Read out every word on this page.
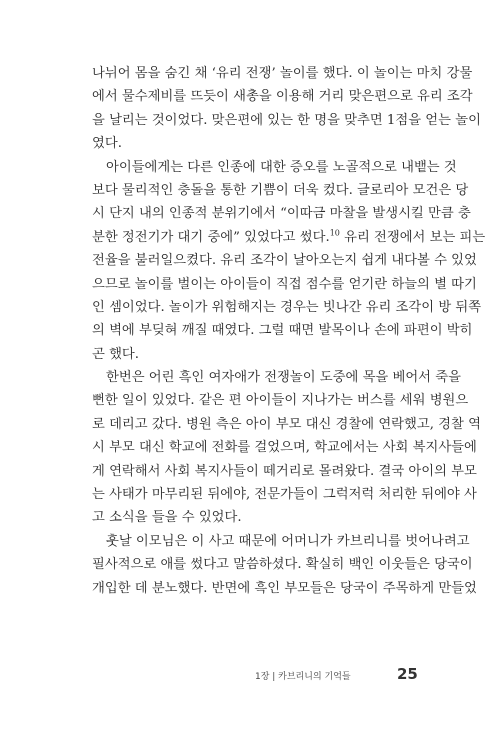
나뉘어 몸을 숨긴 채 ‘유리 전쟁’ 놀이를 했다. 이 놀이는 마치 강물
에서 물수제비를 뜨듯이 새총을 이용해 거리 맞은편으로 유리 조각
을 날리는 것이었다. 맞은편에 있는 한 명을 맞추면 1점을 얻는 놀이
였다.
아이들에게는 다른 인종에 대한 증오를 노골적으로 내뱉는 것
보다 물리적인 충돌을 통한 기쁨이 더욱 컸다. 글로리아 모건은 당
시 단지 내의 인종적 분위기에서 “이따금 마찰을 발생시킬 만큼 충
분한 정전기가 대기 중에” 있었다고 썼다.$^{10}$ 유리 전쟁에서 보는 피는
전율을 불러일으켰다. 유리 조각이 날아오는지 쉽게 내다볼 수 있었
으므로 놀이를 벌이는 아이들이 직접 점수를 얻기란 하늘의 별 따기
인 셈이었다. 놀이가 위험해지는 경우는 빗나간 유리 조각이 방 뒤쪽
의 벽에 부딪혀 깨질 때였다. 그럴 때면 발목이나 손에 파편이 박히
곤 했다.
한번은 어린 흑인 여자애가 전쟁놀이 도중에 목을 베어서 죽을
뻔한 일이 있었다. 같은 편 아이들이 지나가는 버스를 세워 병원으
로 데리고 갔다. 병원 측은 아이 부모 대신 경찰에 연락했고, 경찰 역
시 부모 대신 학교에 전화를 걸었으며, 학교에서는 사회 복지사들에
게 연락해서 사회 복지사들이 떼거리로 몰려왔다. 결국 아이의 부모
는 사태가 마무리된 뒤에야, 전문가들이 그럭저럭 처리한 뒤에야 사
고 소식을 들을 수 있었다.
훗날 이모님은 이 사고 때문에 어머니가 카브리니를 벗어나려고
필사적으로 애를 썼다고 말씀하셨다. 확실히 백인 이웃들은 당국이
개입한 데 분노했다. 반면에 흑인 부모들은 당국이 주목하게 만들었
1장 | 카브리니의 기억들	25
